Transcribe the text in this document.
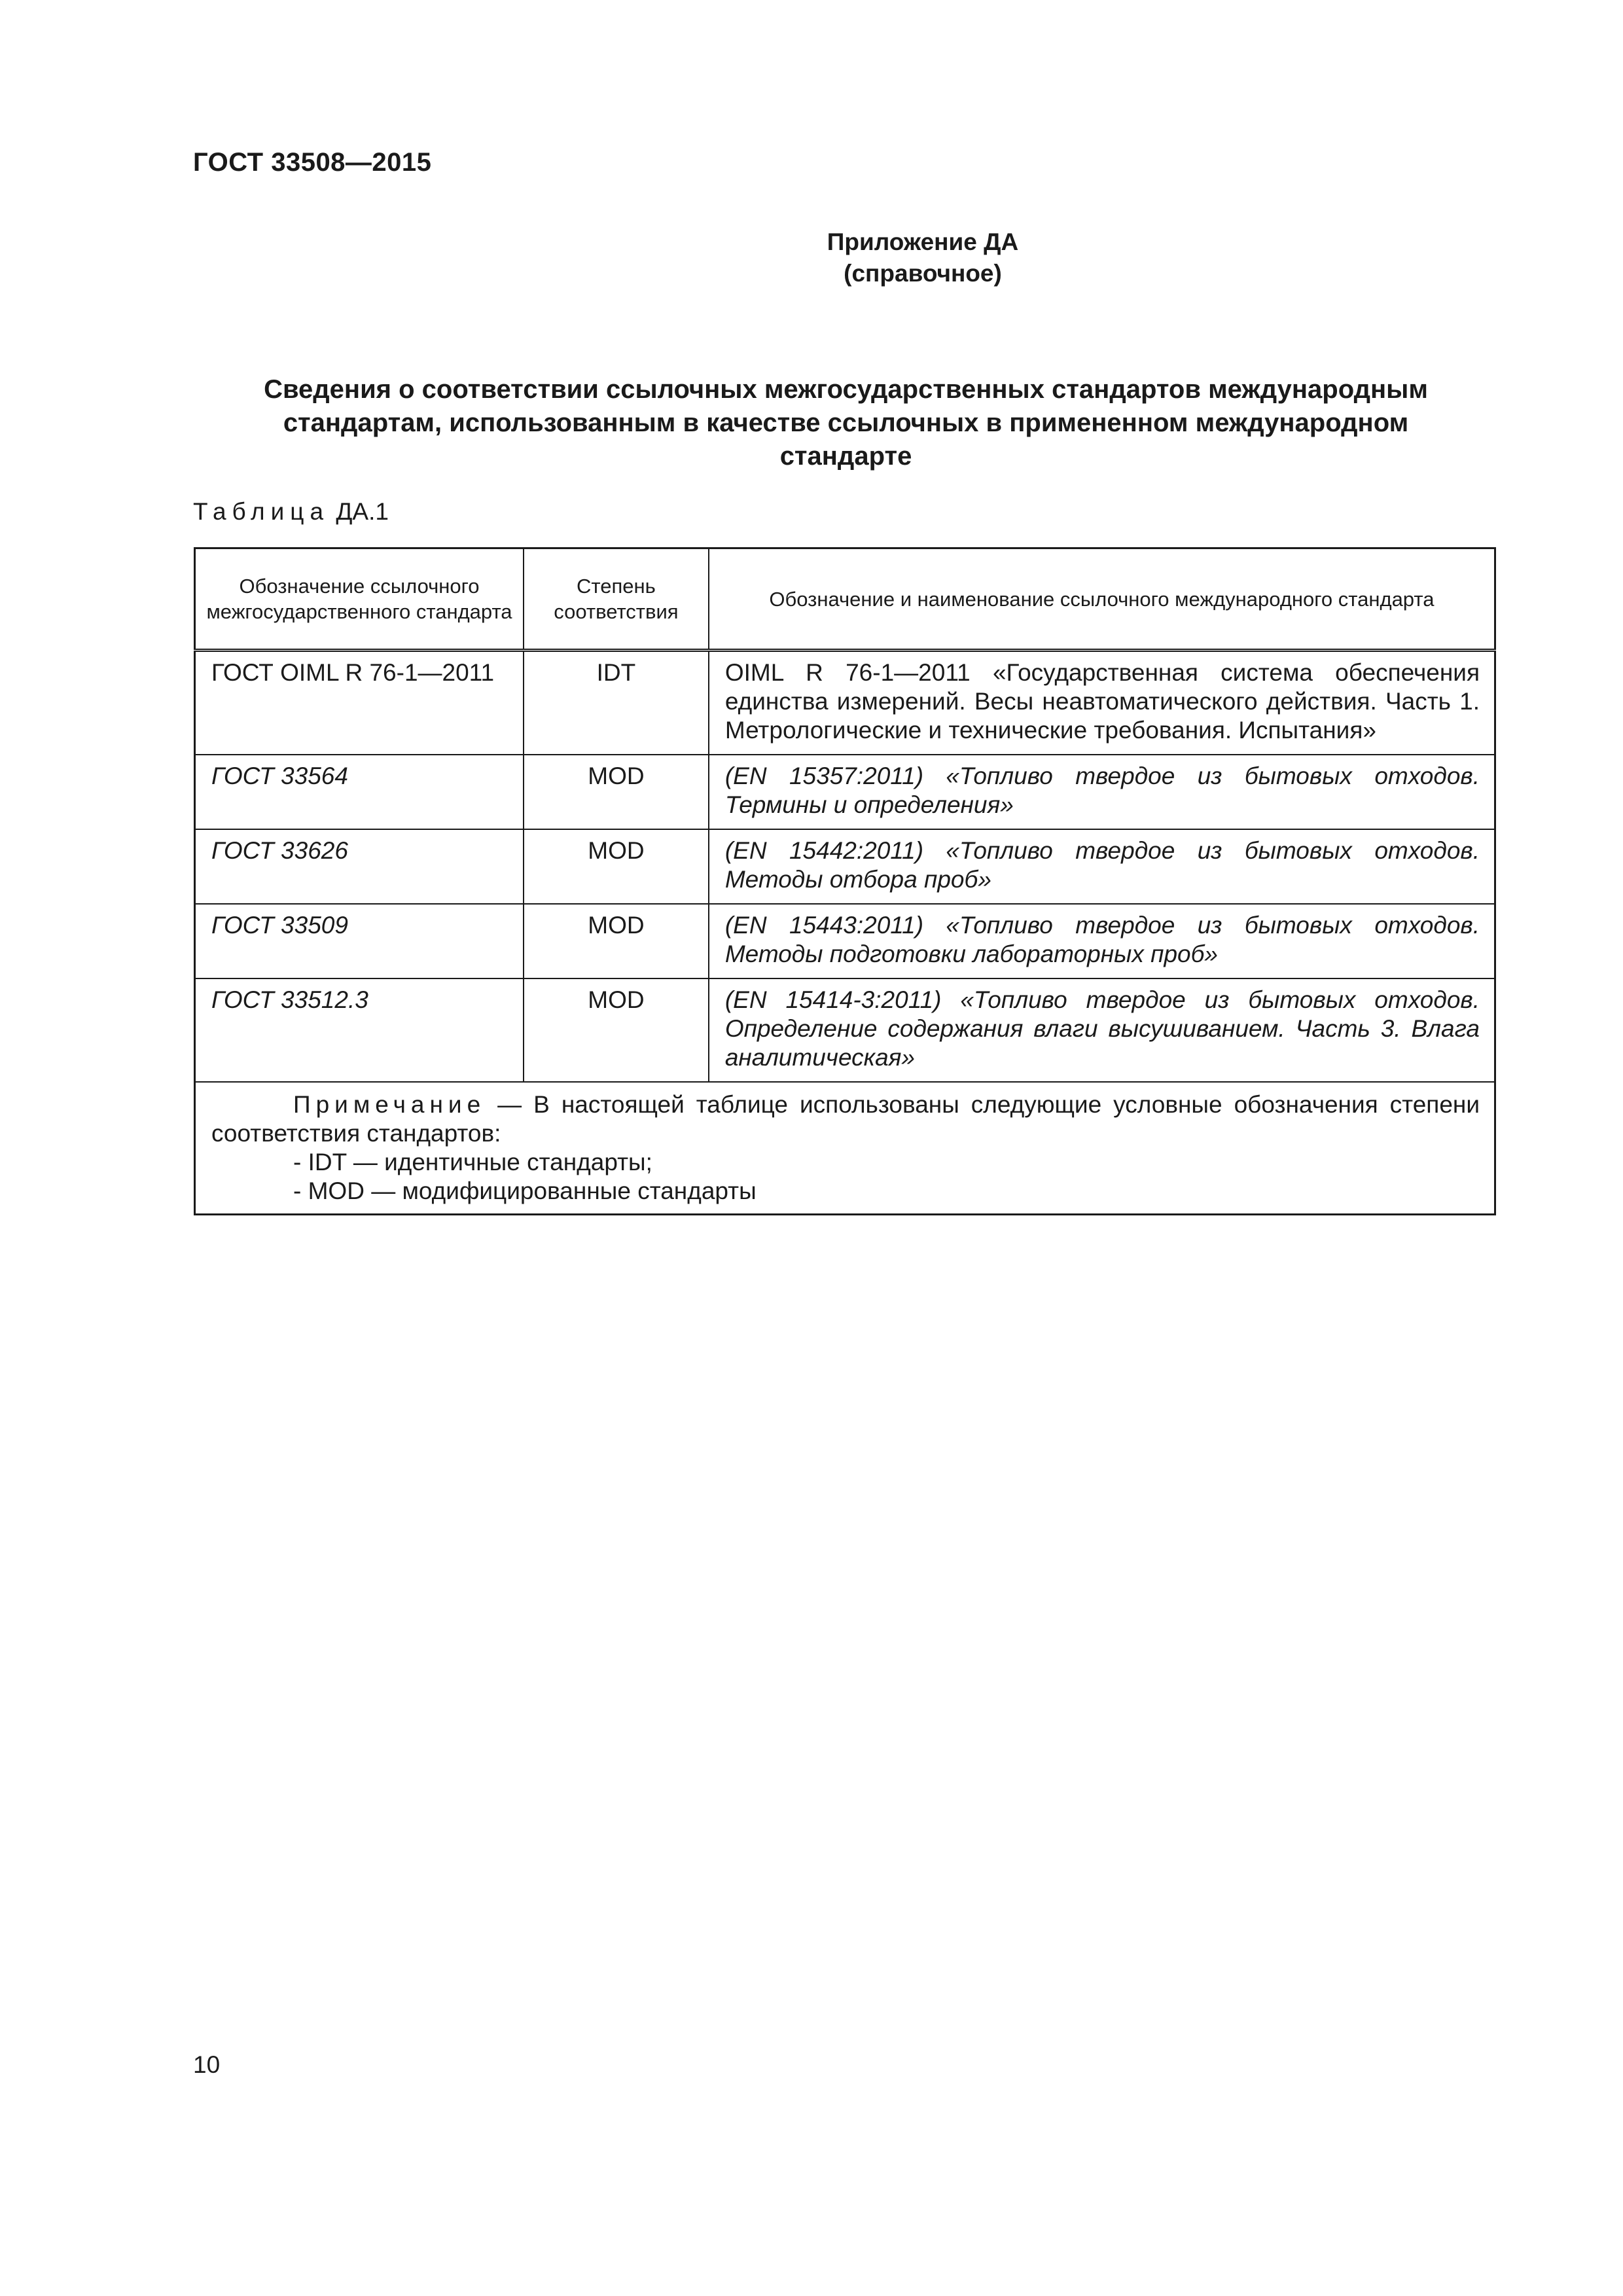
ГОСТ 33508—2015
Приложение ДА
(справочное)
Сведения о соответствии ссылочных межгосударственных стандартов международным
стандартам, использованным в качестве ссылочных в примененном международном
стандарте
Таблица ДА.1
Обозначение ссылочного межгосударственного стандарта	Степень соответствия	Обозначение и наименование ссылочного международного стандарта
ГОСТ OIML R 76-1—2011	IDT	OIML R 76-1—2011 «Государственная система обеспечения единства измерений. Весы неавтоматического действия. Часть 1. Метрологические и технические требования. Испытания»
ГОСТ 33564	MOD	(EN 15357:2011) «Топливо твердое из бытовых отходов. Термины и определения»
ГОСТ 33626	MOD	(EN 15442:2011) «Топливо твердое из бытовых отходов. Методы отбора проб»
ГОСТ 33509	MOD	(EN 15443:2011) «Топливо твердое из бытовых отходов. Методы подготовки лабораторных проб»
ГОСТ 33512.3	MOD	(EN 15414-3:2011) «Топливо твердое из бытовых отходов. Определение содержания влаги высушиванием. Часть 3. Влага аналитическая»
Примечание — В настоящей таблице использованы следующие условные обозначения степени соответствия стандартов:
- IDT — идентичные стандарты;
- MOD — модифицированные стандарты		
10
